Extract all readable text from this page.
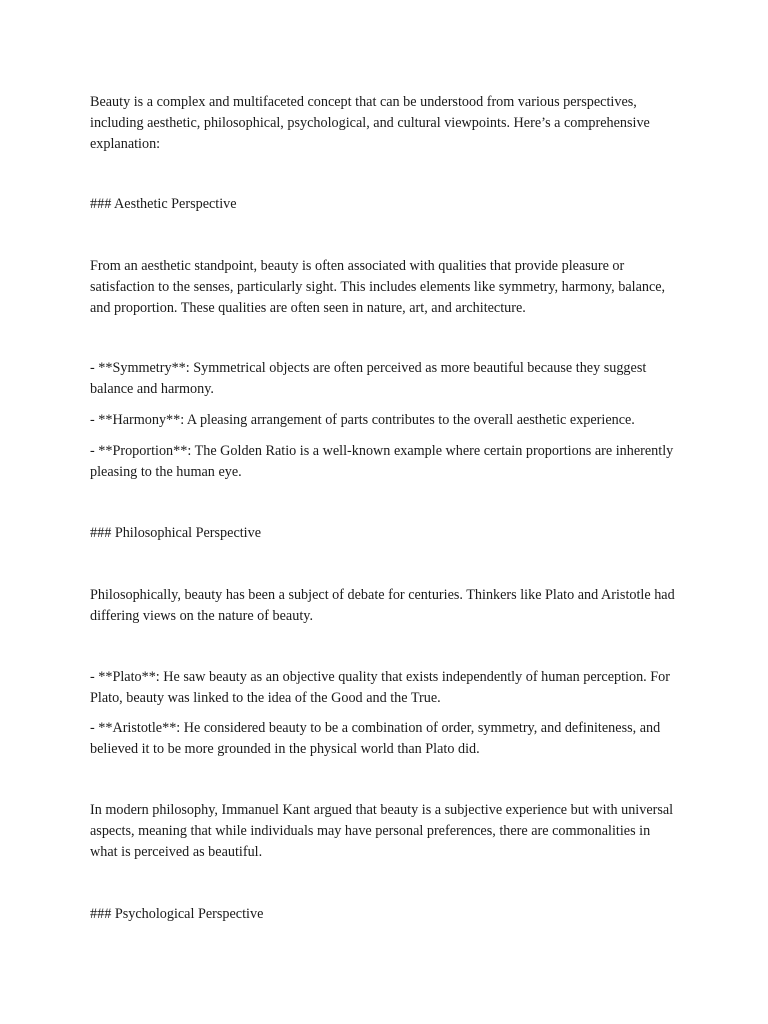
Beauty is a complex and multifaceted concept that can be understood from various perspectives, including aesthetic, philosophical, psychological, and cultural viewpoints. Here’s a comprehensive explanation:

### Aesthetic Perspective

From an aesthetic standpoint, beauty is often associated with qualities that provide pleasure or satisfaction to the senses, particularly sight. This includes elements like symmetry, harmony, balance, and proportion. These qualities are often seen in nature, art, and architecture.

- **Symmetry**: Symmetrical objects are often perceived as more beautiful because they suggest balance and harmony.

- **Harmony**: A pleasing arrangement of parts contributes to the overall aesthetic experience.

- **Proportion**: The Golden Ratio is a well-known example where certain proportions are inherently pleasing to the human eye.

### Philosophical Perspective

Philosophically, beauty has been a subject of debate for centuries. Thinkers like Plato and Aristotle had differing views on the nature of beauty.

- **Plato**: He saw beauty as an objective quality that exists independently of human perception. For Plato, beauty was linked to the idea of the Good and the True.

- **Aristotle**: He considered beauty to be a combination of order, symmetry, and definiteness, and believed it to be more grounded in the physical world than Plato did.

In modern philosophy, Immanuel Kant argued that beauty is a subjective experience but with universal aspects, meaning that while individuals may have personal preferences, there are commonalities in what is perceived as beautiful.

### Psychological Perspective
